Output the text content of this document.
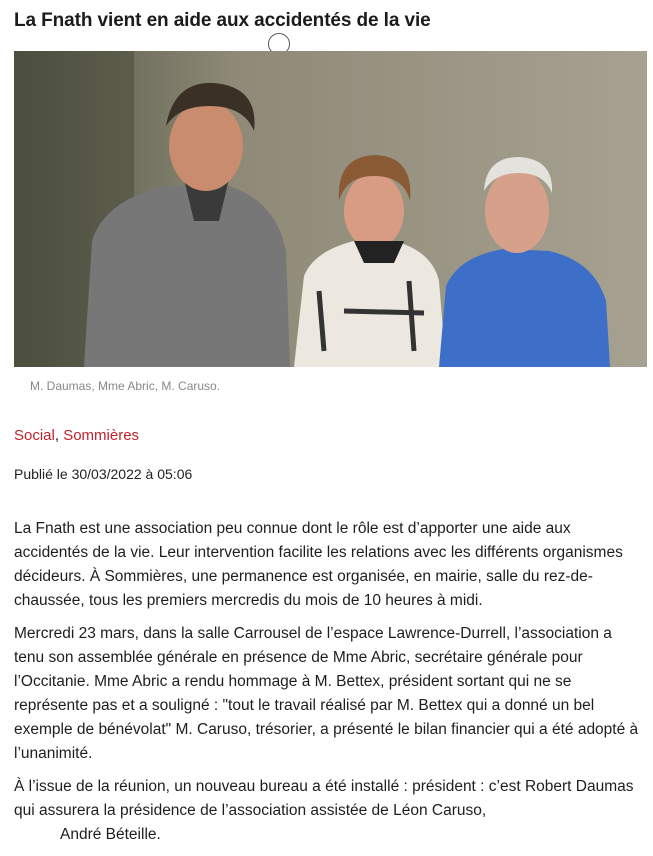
La Fnath vient en aide aux accidentés de la vie
M. Daumas, Mme Abric, M. Caruso.
Social, Sommières
Publié le 30/03/2022 à 05:06

La Fnath est une association peu connue dont le rôle est d’apporter une aide aux accidentés de la vie. Leur intervention facilite les relations avec les différents organismes décideurs. À Sommières, une permanence est organisée, en mairie, salle du rez-de-chaussée, tous les premiers mercredis du mois de 10 heures à midi.

Mercredi 23 mars, dans la salle Carrousel de l’espace Lawrence-Durrell, l’association a tenu son assemblée générale en présence de Mme Abric, secrétaire générale pour l’Occitanie. Mme Abric a rendu hommage à M. Bettex, président sortant qui ne se représente pas et a souligné : "tout le travail réalisé par M. Bettex qui a donné un bel exemple de bénévolat" M. Caruso, trésorier, a présenté le bilan financier qui a été adopté à l’unanimité.

À l’issue de la réunion, un nouveau bureau a été installé : président : c’est Robert Daumas qui assurera la présidence de l’association assistée de Léon Caruso,

André Béteille.
